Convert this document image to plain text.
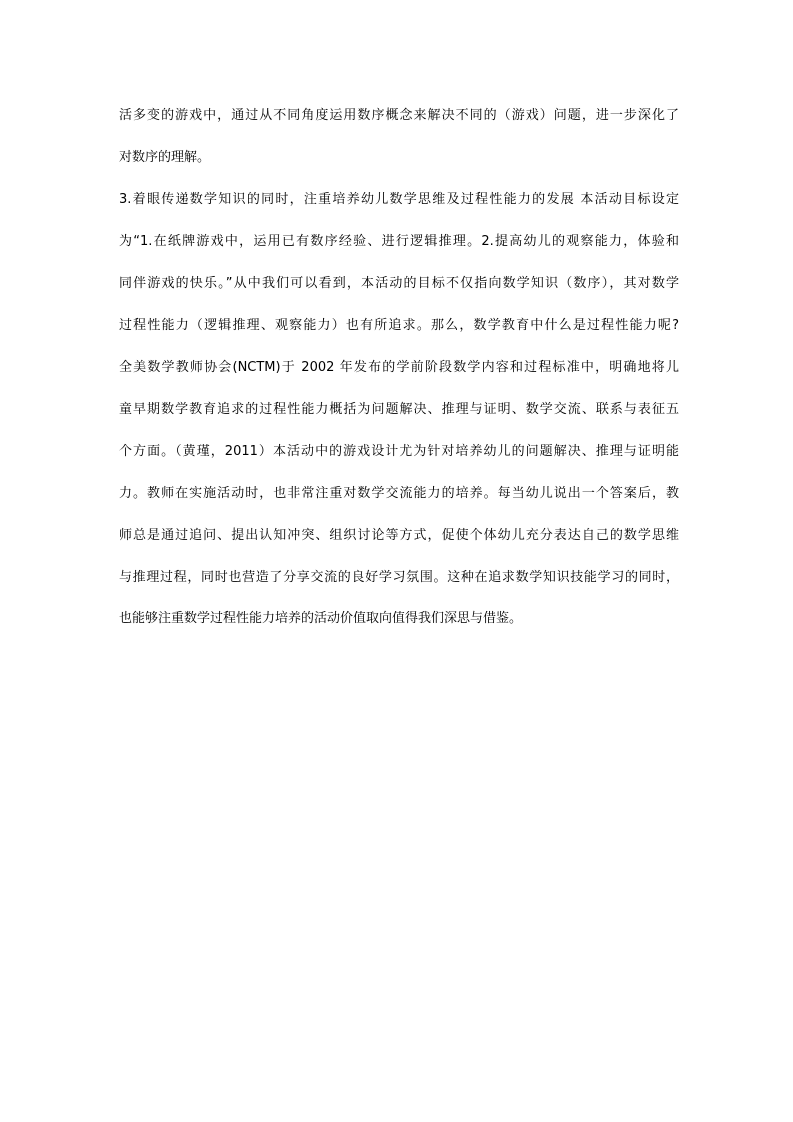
活多变的游戏中，通过从不同角度运用数序概念来解决不同的（游戏）问题，进一步深化了
对数序的理解。
3.着眼传递数学知识的同时，注重培养幼儿数学思维及过程性能力的发展 本活动目标设定
为“1.在纸牌游戏中，运用已有数序经验、进行逻辑推理。2.提高幼儿的观察能力，体验和
同伴游戏的快乐。”从中我们可以看到，本活动的目标不仅指向数学知识（数序），其对数学
过程性能力（逻辑推理、观察能力）也有所追求。那么，数学教育中什么是过程性能力呢?
全美数学教师协会(NCTM)于 2002 年发布的学前阶段数学内容和过程标准中，明确地将儿
童早期数学教育追求的过程性能力概括为问题解决、推理与证明、数学交流、联系与表征五
个方面。（黄瑾，2011）本活动中的游戏设计尤为针对培养幼儿的问题解决、推理与证明能
力。教师在实施活动时，也非常注重对数学交流能力的培养。每当幼儿说出一个答案后，教
师总是通过追问、提出认知冲突、组织讨论等方式，促使个体幼儿充分表达自己的数学思维
与推理过程，同时也营造了分享交流的良好学习氛围。这种在追求数学知识技能学习的同时，
也能够注重数学过程性能力培养的活动价值取向值得我们深思与借鉴。
